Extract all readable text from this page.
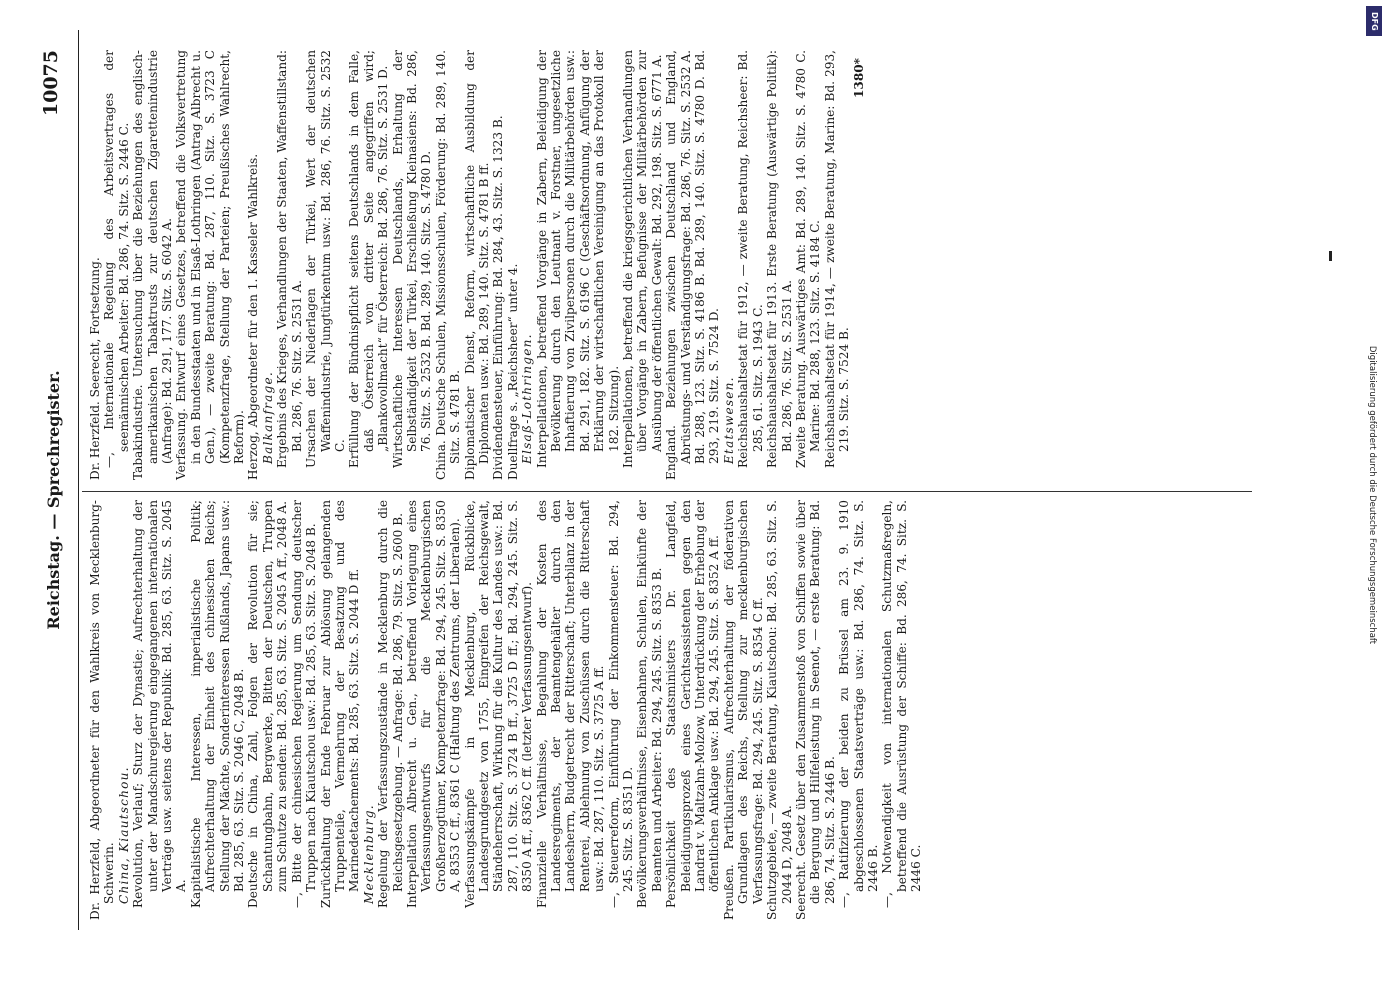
Reichstag. — Sprechregister.
10075

Dr. Herzfeld, Abgeordneter für den Wahlkreis von Mecklenburg-Schwerin. China, Kiautschou. Revolution, Verlauf; Sturz der Dynastie; Aufrechterhaltung der unter der Mandschuregierung eingegangenen internationalen Verträge usw. seitens der Republik: Bd. 285, 63. Sitz. S. 2045 A. Kapitalistische Interessen, imperialistische Politik; Aufrechterhaltung der Einheit des chinesischen Reichs; Stellung der Mächte, Sonderinteressen Rußlands, Japans usw.: Bd. 285, 63. Sitz. S. 2046 C, 2048 B. Deutsche in China, Zahl, Folgen der Revolution für sie; Schantungbahn, Bergwerke, Bitten der Deutschen, Truppen zum Schutze zu senden: Bd. 285, 63. Sitz. S. 2045 A ff., 2048 A. —, Bitte der chinesischen Regierung um Sendung deutscher Truppen nach Kiautschou usw.: Bd. 285, 63. Sitz. S. 2048 B. Zurückhaltung der Ende Februar zur Ablösung gelangenden Truppenteile, Vermehrung der Besatzung und des Marinedetachements: Bd. 285, 63. Sitz. S. 2044 D ff. Mecklenburg. Regelung der Verfassungszustände in Mecklenburg durch die Reichsgesetzgebung. — Anfrage: Bd. 286, 79. Sitz. S. 2600 B. Interpellation Albrecht u. Gen., betreffend Vorlegung eines Verfassungsentwurfs für die Mecklenburgischen Großherzogtümer, Kompetenzfrage: Bd. 294, 245. Sitz. S. 8350 A, 8353 C ff., 8361 C (Haltung des Zentrums, der Liberalen). Verfassungskämpfe in Mecklenburg, Rückblicke, Landesgrundgesetz von 1755, Eingreifen der Reichsgewalt, Ständeherrschaft, Wirkung für die Kultur des Landes usw.: Bd. 287, 110. Sitz. S. 3724 B ff., 3725 D ff.; Bd. 294, 245. Sitz. S. 8350 A ff., 8362 C ff. (letzter Verfassungsentwurf). Finanzielle Verhältnisse, Begahlung der Kosten des Landesregiments, der Beamtengehälter durch den Landesherrn, Budgetrecht der Ritterschaft; Unterbilanz in der Renterei, Ablehnung von Zuschüssen durch die Ritterschaft usw.: Bd. 287, 110. Sitz. S. 3725 A ff. —, Steuerreform, Einführung der Einkommensteuer: Bd. 294, 245. Sitz. S. 8351 D. Bevölkerungsverhältnisse, Eisenbahnen, Schulen, Einkünfte der Beamten und Arbeiter: Bd. 294, 245. Sitz. S. 8353 B. Persönlichkeit des Staatsministers Dr. Langfeld, Beleidigungsprozeß eines Gerichtsassistenten gegen den Landrat v. Maltzahn-Molzow, Unterdrückung der Erhebung der öffentlichen Anklage usw.: Bd. 294, 245. Sitz. S. 8352 A ff. Preußen. Partikularismus, Aufrechterhaltung der föderativen Grundlagen des Reichs, Stellung zur mecklenburgischen Verfassungsfrage: Bd. 294, 245. Sitz. S. 8354 C ff. Schutzgebiete, — zweite Beratung, Kiautschou: Bd. 285, 63. Sitz. S. 2044 D, 2048 A. Seerecht. Gesetz über den Zusammenstoß von Schiffen sowie über die Bergung und Hilfeleistung in Seenot, — erste Beratung: Bd. 286, 74. Sitz. S. 2446 B. —, Ratifizierung der beiden zu Brüssel am 23. 9. 1910 abgeschlossenen Staatsverträge usw.: Bd. 286, 74. Sitz. S. 2446 B. —, Notwendigkeit von internationalen Schutzmaßregeln, betreffend die Ausrüstung der Schiffe: Bd. 286, 74. Sitz. S. 2446 C.

Dr. Herzfeld. Seerecht, Fortsetzung. —, Internationale Regelung des Arbeitsvertrages der seemännischen Arbeiter: Bd. 286, 74. Sitz. S. 2446 C. Tabakindustrie. Untersuchung über die Beziehungen des englisch-amerikanischen Tabaktrusts zur deutschen Zigarettenindustrie (Anfrage): Bd. 291, 177. Sitz. S. 6042 A. Verfassung. Entwurf eines Gesetzes, betreffend die Volksvertretung in den Bundesstaaten und in Elsaß-Lothringen (Antrag Albrecht u. Gen.), — zweite Beratung: Bd. 287, 110. Sitz. S. 3723 C (Kompetenzfrage, Stellung der Parteien; Preußisches Wahlrecht, Reform). Herzog, Abgeordneter für den 1. Kasseler Wahlkreis. Balkanfrage. Ergebnis des Krieges, Verhandlungen der Staaten, Waffenstillstand: Bd. 286, 76. Sitz. S. 2531 A. Ursachen der Niederlagen der Türkei, Wert der deutschen Waffenindustrie, Jungtürkentum usw.: Bd. 286, 76. Sitz. S. 2532 C. Erfüllung der Bündnispflicht seitens Deutschlands in dem Falle, daß Österreich von dritter Seite angegriffen wird; „Blankovollmacht“ für Österreich: Bd. 286, 76. Sitz. S. 2531 D. Wirtschaftliche Interessen Deutschlands, Erhaltung der Selbständigkeit der Türkei, Erschließung Kleinasiens: Bd. 286, 76. Sitz. S. 2532 B. Bd. 289, 140. Sitz. S. 4780 D. China. Deutsche Schulen, Missionsschulen, Förderung: Bd. 289, 140. Sitz. S. 4781 B. Diplomatischer Dienst, Reform, wirtschaftliche Ausbildung der Diplomaten usw.: Bd. 289, 140. Sitz. S. 4781 B ff. Dividendensteuer, Einführung: Bd. 284, 43. Sitz. S. 1323 B. Duellfrage s. „Reichsheer“ unter 4. Elsaß-Lothringen. Interpellationen, betreffend Vorgänge in Zabern, Beleidigung der Bevölkerung durch den Leutnant v. Forstner, ungesetzliche Inhaftierung von Zivilpersonen durch die Militärbehörden usw.: Bd. 291, 182. Sitz. S. 6196 C (Geschäftsordnung, Anfügung der Erklärung der wirtschaftlichen Vereinigung an das Protokoll der 182. Sitzung). Interpellationen, betreffend die kriegsgerichtlichen Verhandlungen über Vorgänge in Zabern, Befugnisse der Militärbehörden zur Ausübung der öffentlichen Gewalt: Bd. 292, 198. Sitz. S. 6771 A. England. Beziehungen zwischen Deutschland und England, Abrüstungs- und Verständigungsfrage: Bd. 286, 76. Sitz. S. 2532 A. Bd. 288, 123. Sitz. S. 4186 B. Bd. 289, 140. Sitz. S. 4780 D. Bd. 293, 219. Sitz. S. 7524 D. Etatswesen. Reichshaushaltsetat für 1912, — zweite Beratung, Reichsheer: Bd. 285, 61. Sitz. S. 1943 C. Reichshaushaltsetat für 1913. Erste Beratung (Auswärtige Politik): Bd. 286, 76. Sitz. S. 2531 A. Zweite Beratung. Auswärtiges Amt: Bd. 289, 140. Sitz. S. 4780 C. Marine: Bd. 288, 123. Sitz. S. 4184 C. Reichshaushaltsetat für 1914, — zweite Beratung, Marine: Bd. 293, 219. Sitz. S. 7524 B.

1380*

DFG
Digitalisierung gefördert durch die Deutsche Forschungsgemeinschaft
